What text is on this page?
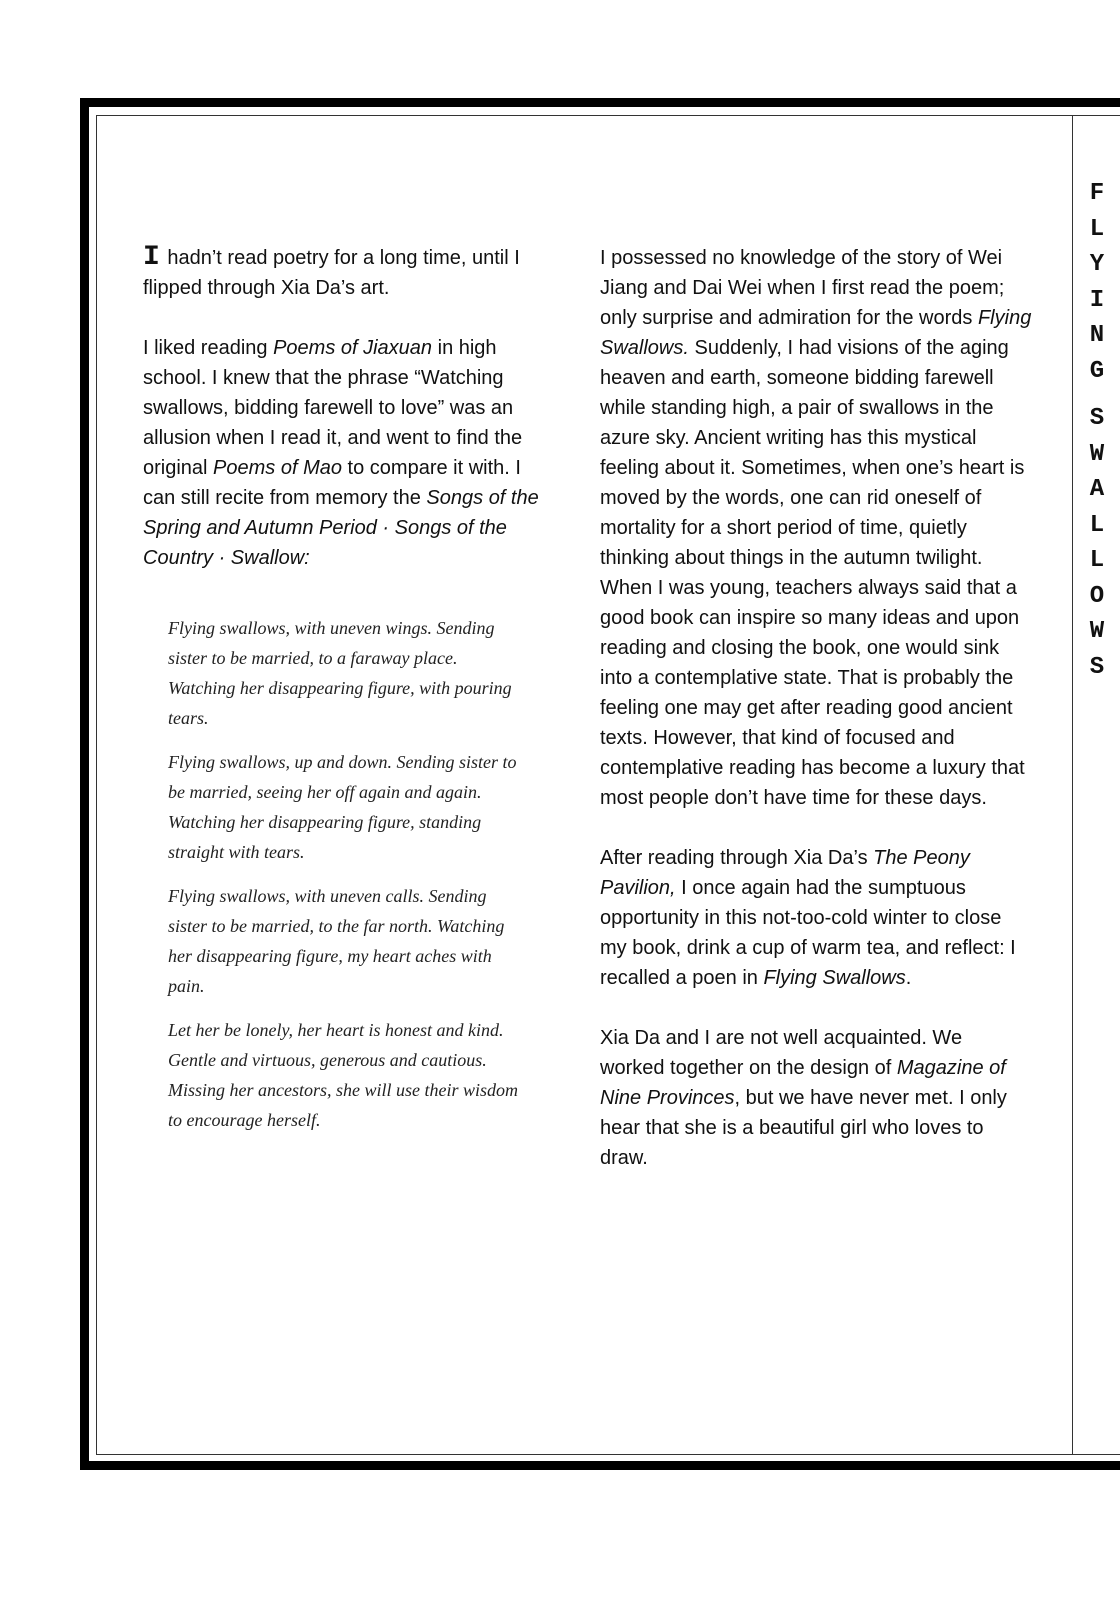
F
L
Y
I
N
G
S
W
A
L
L
O
W
S

I hadn’t read poetry for a long time, until I flipped through Xia Da’s art.

I liked reading Poems of Jiaxuan in high school. I knew that the phrase “Watching swallows, bidding farewell to love” was an allusion when I read it, and went to find the original Poems of Mao to compare it with. I can still recite from memory the Songs of the Spring and Autumn Period · Songs of the Country · Swallow:

Flying swallows, with uneven wings. Sending sister to be married, to a faraway place. Watching her disappearing figure, with pouring tears.
Flying swallows, up and down. Sending sister to be married, seeing her off again and again. Watching her disappearing figure, standing straight with tears.
Flying swallows, with uneven calls. Sending sister to be married, to the far north. Watching her disappearing figure, my heart aches with pain.
Let her be lonely, her heart is honest and kind. Gentle and virtuous, generous and cautious. Missing her ancestors, she will use their wisdom to encourage herself.

I possessed no knowledge of the story of Wei Jiang and Dai Wei when I first read the poem; only surprise and admiration for the words Flying Swallows. Suddenly, I had visions of the aging heaven and earth, someone bidding farewell while standing high, a pair of swallows in the azure sky. Ancient writing has this mystical feeling about it. Sometimes, when one’s heart is moved by the words, one can rid oneself of mortality for a short period of time, quietly thinking about things in the autumn twilight. When I was young, teachers always said that a good book can inspire so many ideas and upon reading and closing the book, one would sink into a contemplative state. That is probably the feeling one may get after reading good ancient texts. However, that kind of focused and contemplative reading has become a luxury that most people don’t have time for these days.

After reading through Xia Da’s The Peony Pavilion, I once again had the sumptuous opportunity in this not-too-cold winter to close my book, drink a cup of warm tea, and reflect: I recalled a poen in Flying Swallows.

Xia Da and I are not well acquainted. We worked together on the design of Magazine of Nine Provinces, but we have never met. I only hear that she is a beautiful girl who loves to draw.
